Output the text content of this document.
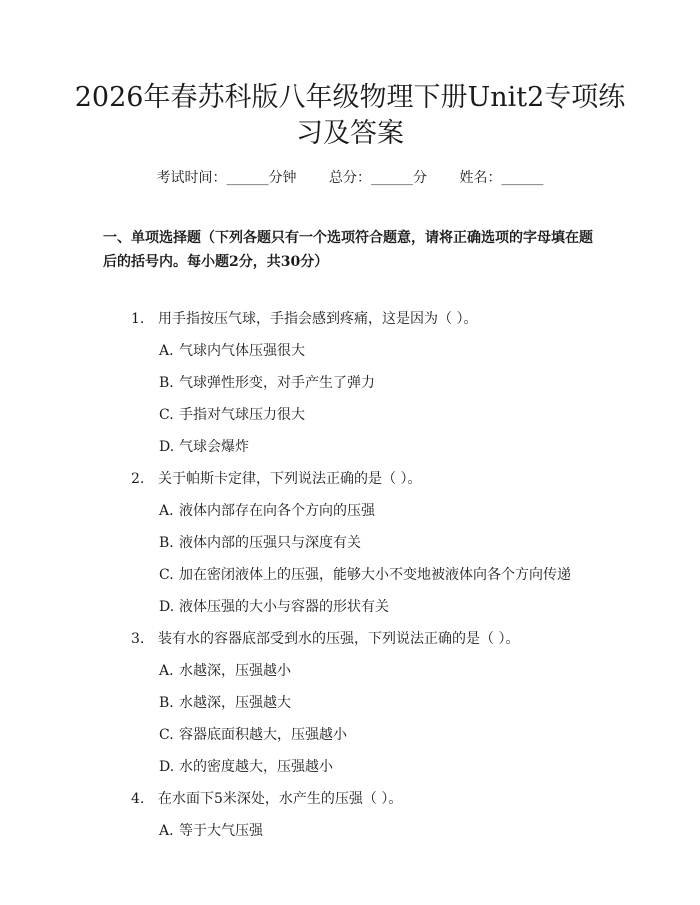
2026年春苏科版八年级物理下册Unit2专项练习及答案
考试时间：______分钟 总分：______分 姓名：______
一、单项选择题（下列各题只有一个选项符合题意，请将正确选项的字母填在题后的括号内。每小题2分，共30分）
1. 用手指按压气球，手指会感到疼痛，这是因为（ ）。
A. 气球内气体压强很大
B. 气球弹性形变，对手产生了弹力
C. 手指对气球压力很大
D. 气球会爆炸
2. 关于帕斯卡定律，下列说法正确的是（ ）。
A. 液体内部存在向各个方向的压强
B. 液体内部的压强只与深度有关
C. 加在密闭液体上的压强，能够大小不变地被液体向各个方向传递
D. 液体压强的大小与容器的形状有关
3. 装有水的容器底部受到水的压强，下列说法正确的是（ ）。
A. 水越深，压强越小
B. 水越深，压强越大
C. 容器底面积越大，压强越小
D. 水的密度越大，压强越小
4. 在水面下5米深处，水产生的压强（ ）。
A. 等于大气压强
